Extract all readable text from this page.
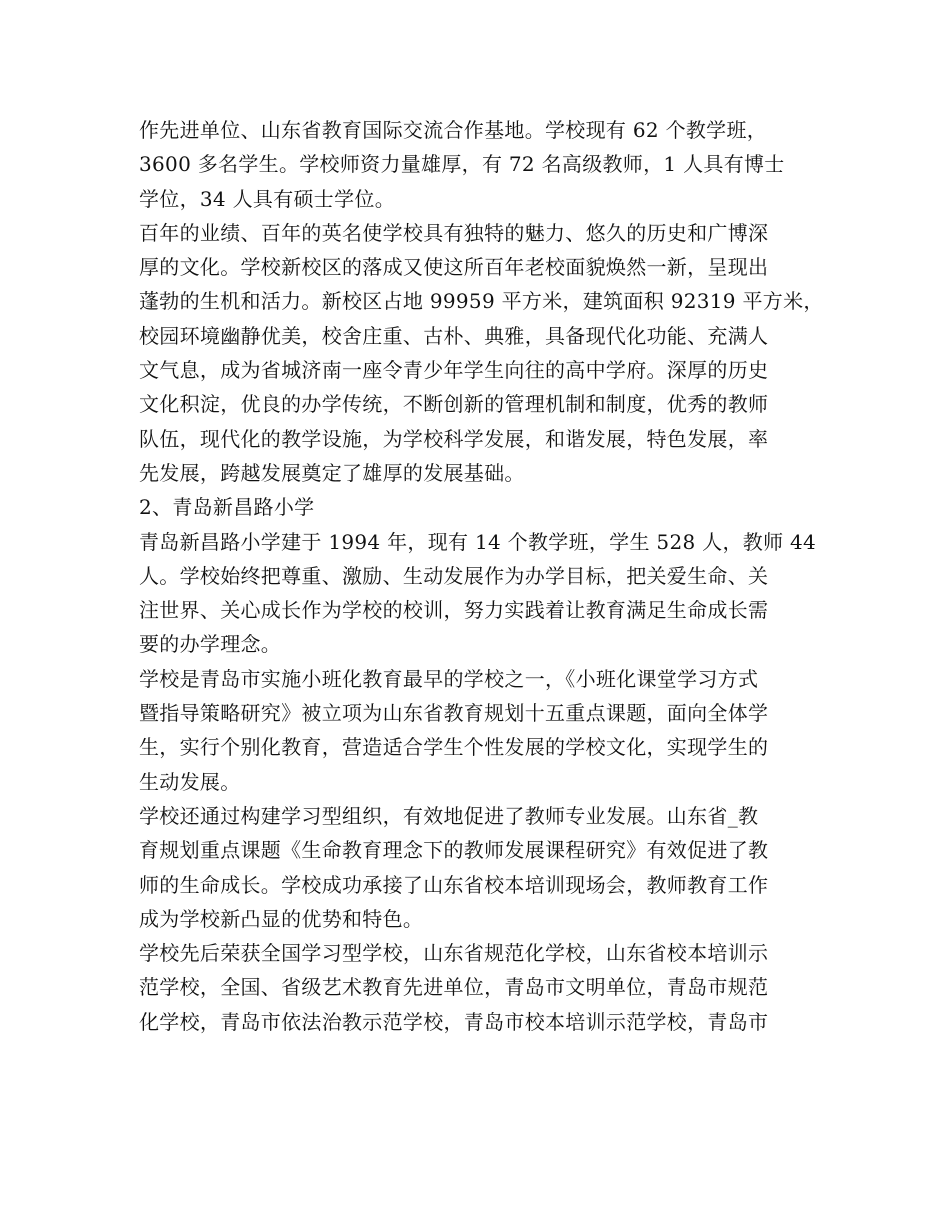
作先进单位、山东省教育国际交流合作基地。学校现有 62 个教学班，
3600 多名学生。学校师资力量雄厚，有 72 名高级教师，1 人具有博士
学位，34 人具有硕士学位。
百年的业绩、百年的英名使学校具有独特的魅力、悠久的历史和广博深
厚的文化。学校新校区的落成又使这所百年老校面貌焕然一新，呈现出
蓬勃的生机和活力。新校区占地 99959 平方米，建筑面积 92319 平方米，
校园环境幽静优美，校舍庄重、古朴、典雅，具备现代化功能、充满人
文气息，成为省城济南一座令青少年学生向往的高中学府。深厚的历史
文化积淀，优良的办学传统，不断创新的管理机制和制度，优秀的教师
队伍，现代化的教学设施，为学校科学发展，和谐发展，特色发展，率
先发展，跨越发展奠定了雄厚的发展基础。
2、青岛新昌路小学
青岛新昌路小学建于 1994 年，现有 14 个教学班，学生 528 人，教师 44
人。学校始终把尊重、激励、生动发展作为办学目标，把关爱生命、关
注世界、关心成长作为学校的校训，努力实践着让教育满足生命成长需
要的办学理念。
学校是青岛市实施小班化教育最早的学校之一，《小班化课堂学习方式
暨指导策略研究》被立项为山东省教育规划十五重点课题，面向全体学
生，实行个别化教育，营造适合学生个性发展的学校文化，实现学生的
生动发展。
学校还通过构建学习型组织，有效地促进了教师专业发展。山东省_教
育规划重点课题《生命教育理念下的教师发展课程研究》有效促进了教
师的生命成长。学校成功承接了山东省校本培训现场会，教师教育工作
成为学校新凸显的优势和特色。
学校先后荣获全国学习型学校，山东省规范化学校，山东省校本培训示
范学校，全国、省级艺术教育先进单位，青岛市文明单位，青岛市规范
化学校，青岛市依法治教示范学校，青岛市校本培训示范学校，青岛市
